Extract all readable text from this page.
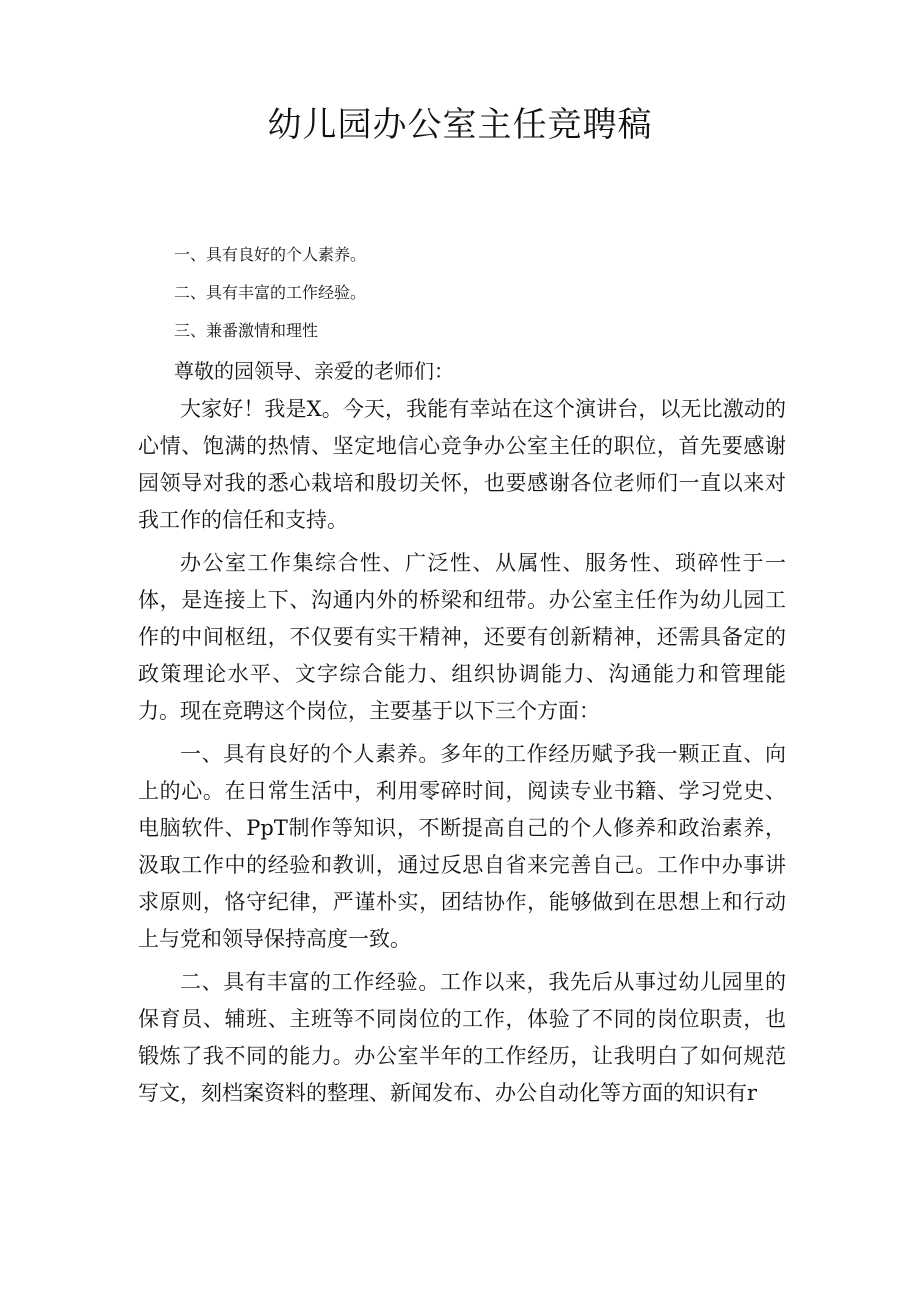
幼儿园办公室主任竞聘稿
一、具有良好的个人素养。
二、具有丰富的工作经验。
三、兼番激情和理性
尊敬的园领导、亲爱的老师们：

大家好！我是X。今天，我能有幸站在这个演讲台，以无比激动的心情、饱满的热情、坚定地信心竞争办公室主任的职位，首先要感谢园领导对我的悉心栽培和殷切关怀，也要感谢各位老师们一直以来对我工作的信任和支持。

办公室工作集综合性、广泛性、从属性、服务性、琐碎性于一体，是连接上下、沟通内外的桥梁和纽带。办公室主任作为幼儿园工作的中间枢纽，不仅要有实干精神，还要有创新精神，还需具备定的政策理论水平、文字综合能力、组织协调能力、沟通能力和管理能力。现在竞聘这个岗位，主要基于以下三个方面：

一、具有良好的个人素养。多年的工作经历赋予我一颗正直、向上的心。在日常生活中，利用零碎时间，阅读专业书籍、学习党史、电脑软件、PpT制作等知识，不断提高自己的个人修养和政治素养，汲取工作中的经验和教训，通过反思自省来完善自己。工作中办事讲求原则，恪守纪律，严谨朴实，团结协作，能够做到在思想上和行动上与党和领导保持高度一致。

二、具有丰富的工作经验。工作以来，我先后从事过幼儿园里的保育员、辅班、主班等不同岗位的工作，体验了不同的岗位职责，也锻炼了我不同的能力。办公室半年的工作经历，让我明白了如何规范写文，刻档案资料的整理、新闻发布、办公自动化等方面的知识有r
